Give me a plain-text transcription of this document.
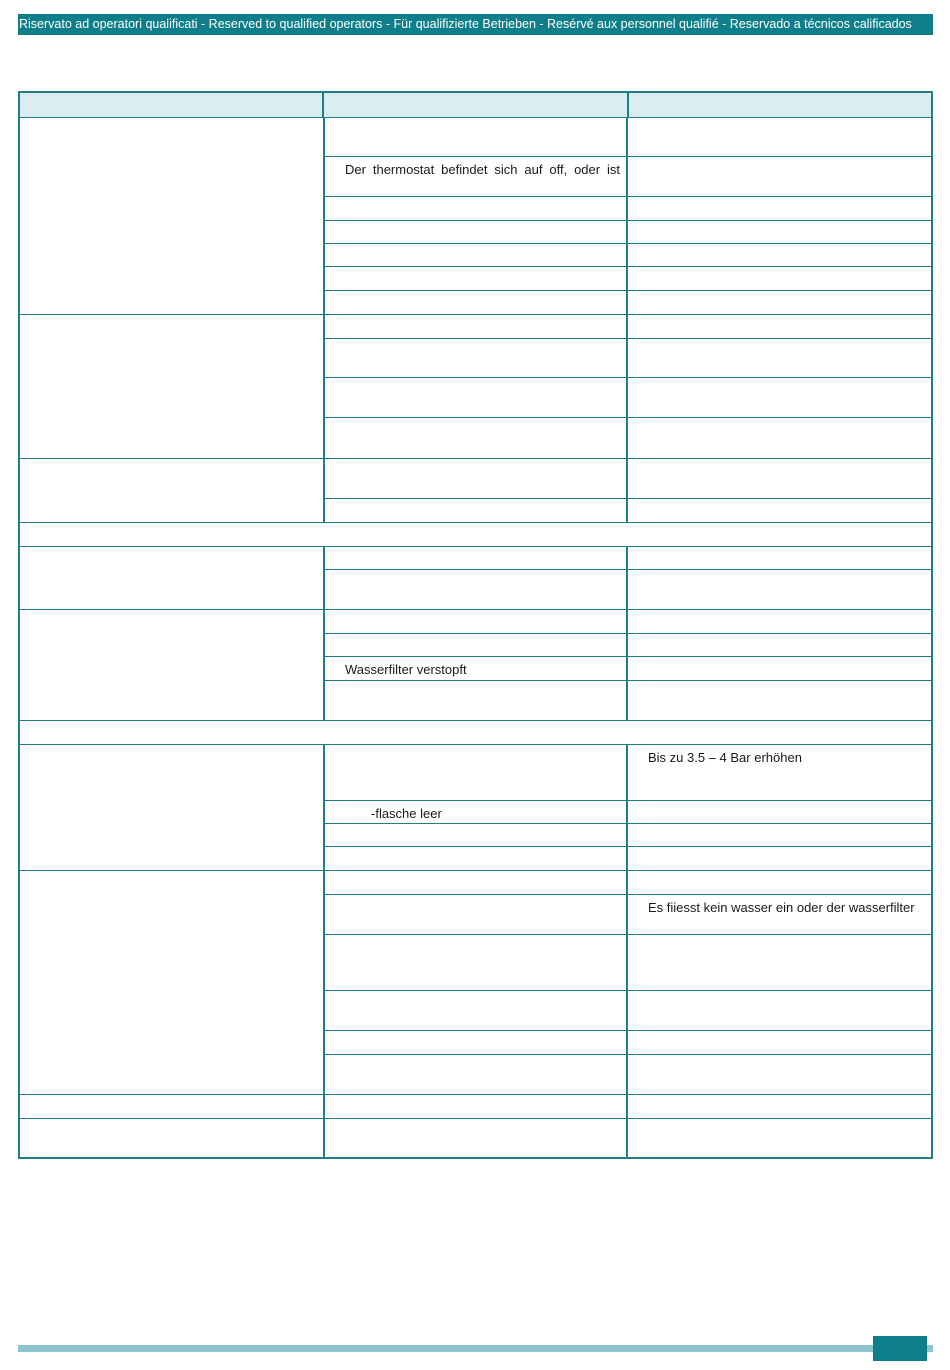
Riservato ad operatori qualificati - Reserved to qualified operators - Für qualifizierte Betrieben - Resérvé aux personnel qualifié - Reservado a técnicos calificados
Der thermostat befindet sich auf off, oder ist
Wasserfilter verstopft
Bis zu 3.5 – 4 Bar erhöhen
-flasche leer
Es fiiesst kein wasser ein oder der wasserfilter
